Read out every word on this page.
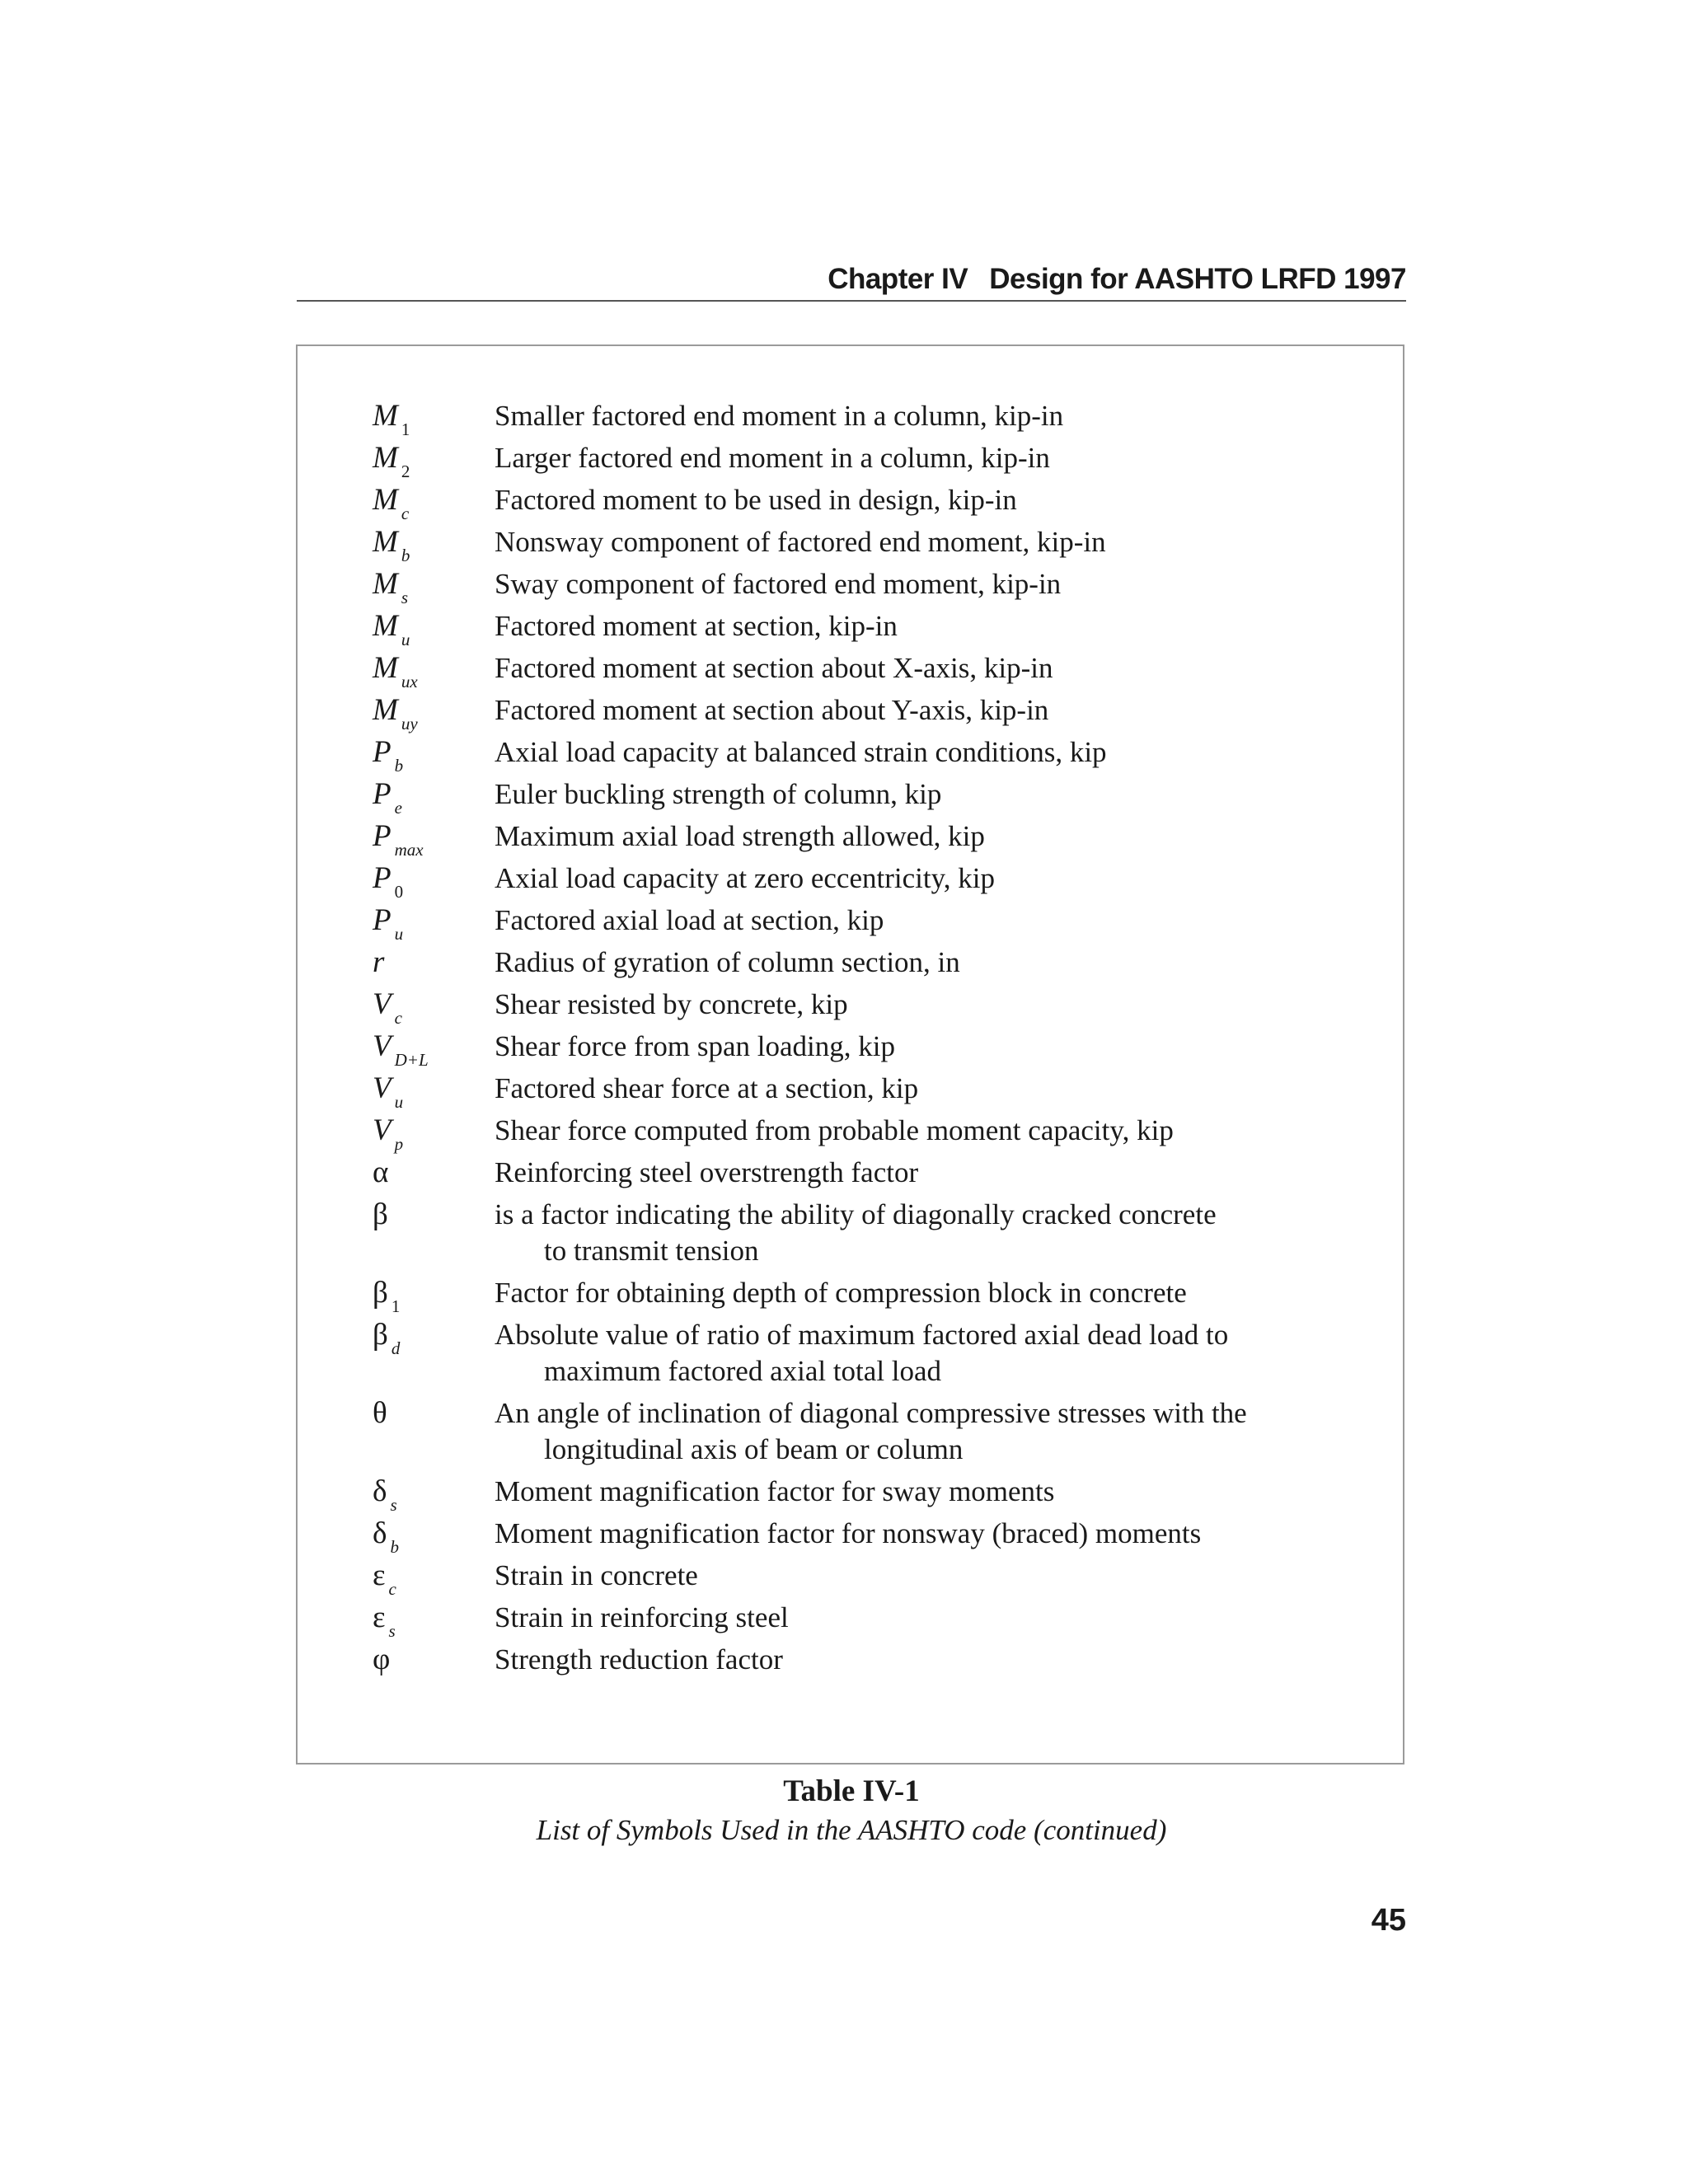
Chapter IV Design for AASHTO LRFD 1997
M $_1$	Smaller factored end moment in a column, kip-in
M $_2$	Larger factored end moment in a column, kip-in
M $_c$	Factored moment to be used in design, kip-in
M $_b$	Nonsway component of factored end moment, kip-in
M $_s$	Sway component of factored end moment, kip-in
M $_u$	Factored moment at section, kip-in
M $_{ux}$	Factored moment at section about X-axis, kip-in
M $_{uy}$	Factored moment at section about Y-axis, kip-in
P $_b$	Axial load capacity at balanced strain conditions, kip
P $_e$	Euler buckling strength of column, kip
P $_{max}$ Maximum axial load strength allowed, kip
P $_0$	Axial load capacity at zero eccentricity, kip
P $_u$	Factored axial load at section, kip
r	Radius of gyration of column section, in
V $_c$	Shear resisted by concrete, kip
V $_{D+L}$ Shear force from span loading, kip
V $_u$	Factored shear force at a section, kip
V $_p$	Shear force computed from probable moment capacity, kip
α	Reinforcing steel overstrength factor
β	is a factor indicating the ability of diagonally cracked concrete
to transmit tension
β $_1$	Factor for obtaining depth of compression block in concrete
β $_d$	Absolute value of ratio of maximum factored axial dead load to
maximum factored axial total load
θ	An angle of inclination of diagonal compressive stresses with the
longitudinal axis of beam or column
δ $_s$	Moment magnification factor for sway moments
δ $_b$	Moment magnification factor for nonsway (braced) moments
ε $_c$	Strain in concrete
ε $_s$	Strain in reinforcing steel
φ	Strength reduction factor
Table IV-1
List of Symbols Used in the AASHTO code (continued)
45
